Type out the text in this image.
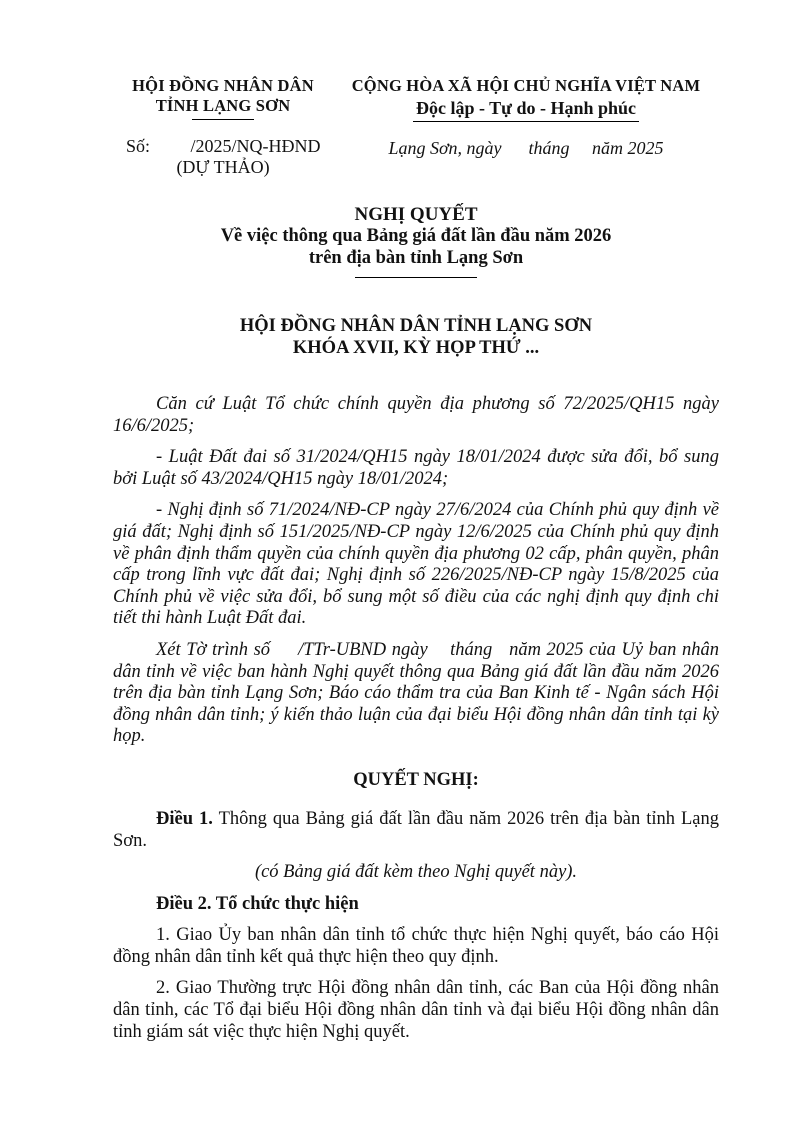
HỘI ĐỒNG NHÂN DÂN
TỈNH LẠNG SƠN
Số:         /2025/NQ-HĐND
(DỰ THẢO)
CỘNG HÒA XÃ HỘI CHỦ NGHĨA VIỆT NAM
Độc lập - Tự do - Hạnh phúc
Lạng Sơn, ngày      tháng     năm 2025
NGHỊ QUYẾT
Về việc thông qua Bảng giá đất lần đầu năm 2026
trên địa bàn tỉnh Lạng Sơn
HỘI ĐỒNG NHÂN DÂN TỈNH LẠNG SƠN
KHÓA XVII, KỲ HỌP THỨ ...

Căn cứ Luật Tổ chức chính quyền địa phương số 72/2025/QH15 ngày 16/6/2025;

- Luật Đất đai số 31/2024/QH15 ngày 18/01/2024 được sửa đổi, bổ sung bởi Luật số 43/2024/QH15 ngày 18/01/2024;

- Nghị định số 71/2024/NĐ-CP ngày 27/6/2024 của Chính phủ quy định về giá đất; Nghị định số 151/2025/NĐ-CP ngày 12/6/2025 của Chính phủ quy định về phân định thẩm quyền của chính quyền địa phương 02 cấp, phân quyền, phân cấp trong lĩnh vực đất đai; Nghị định số 226/2025/NĐ-CP ngày 15/8/2025 của Chính phủ về việc sửa đổi, bổ sung một số điều của các nghị định quy định chi tiết thi hành Luật Đất đai.

Xét Tờ trình số     /TTr-UBND ngày    tháng   năm 2025 của Uỷ ban nhân dân tỉnh về việc ban hành Nghị quyết thông qua Bảng giá đất lần đầu năm 2026 trên địa bàn tỉnh Lạng Sơn; Báo cáo thẩm tra của Ban Kinh tế - Ngân sách Hội đồng nhân dân tỉnh; ý kiến thảo luận của đại biểu Hội đồng nhân dân tỉnh tại kỳ họp.

QUYẾT NGHỊ:

Điều 1. Thông qua Bảng giá đất lần đầu năm 2026 trên địa bàn tỉnh Lạng Sơn.

(có Bảng giá đất kèm theo Nghị quyết này).

Điều 2. Tổ chức thực hiện

1. Giao Ủy ban nhân dân tỉnh tổ chức thực hiện Nghị quyết, báo cáo Hội đồng nhân dân tỉnh kết quả thực hiện theo quy định.

2. Giao Thường trực Hội đồng nhân dân tỉnh, các Ban của Hội đồng nhân dân tỉnh, các Tổ đại biểu Hội đồng nhân dân tỉnh và đại biểu Hội đồng nhân dân tỉnh giám sát việc thực hiện Nghị quyết.
